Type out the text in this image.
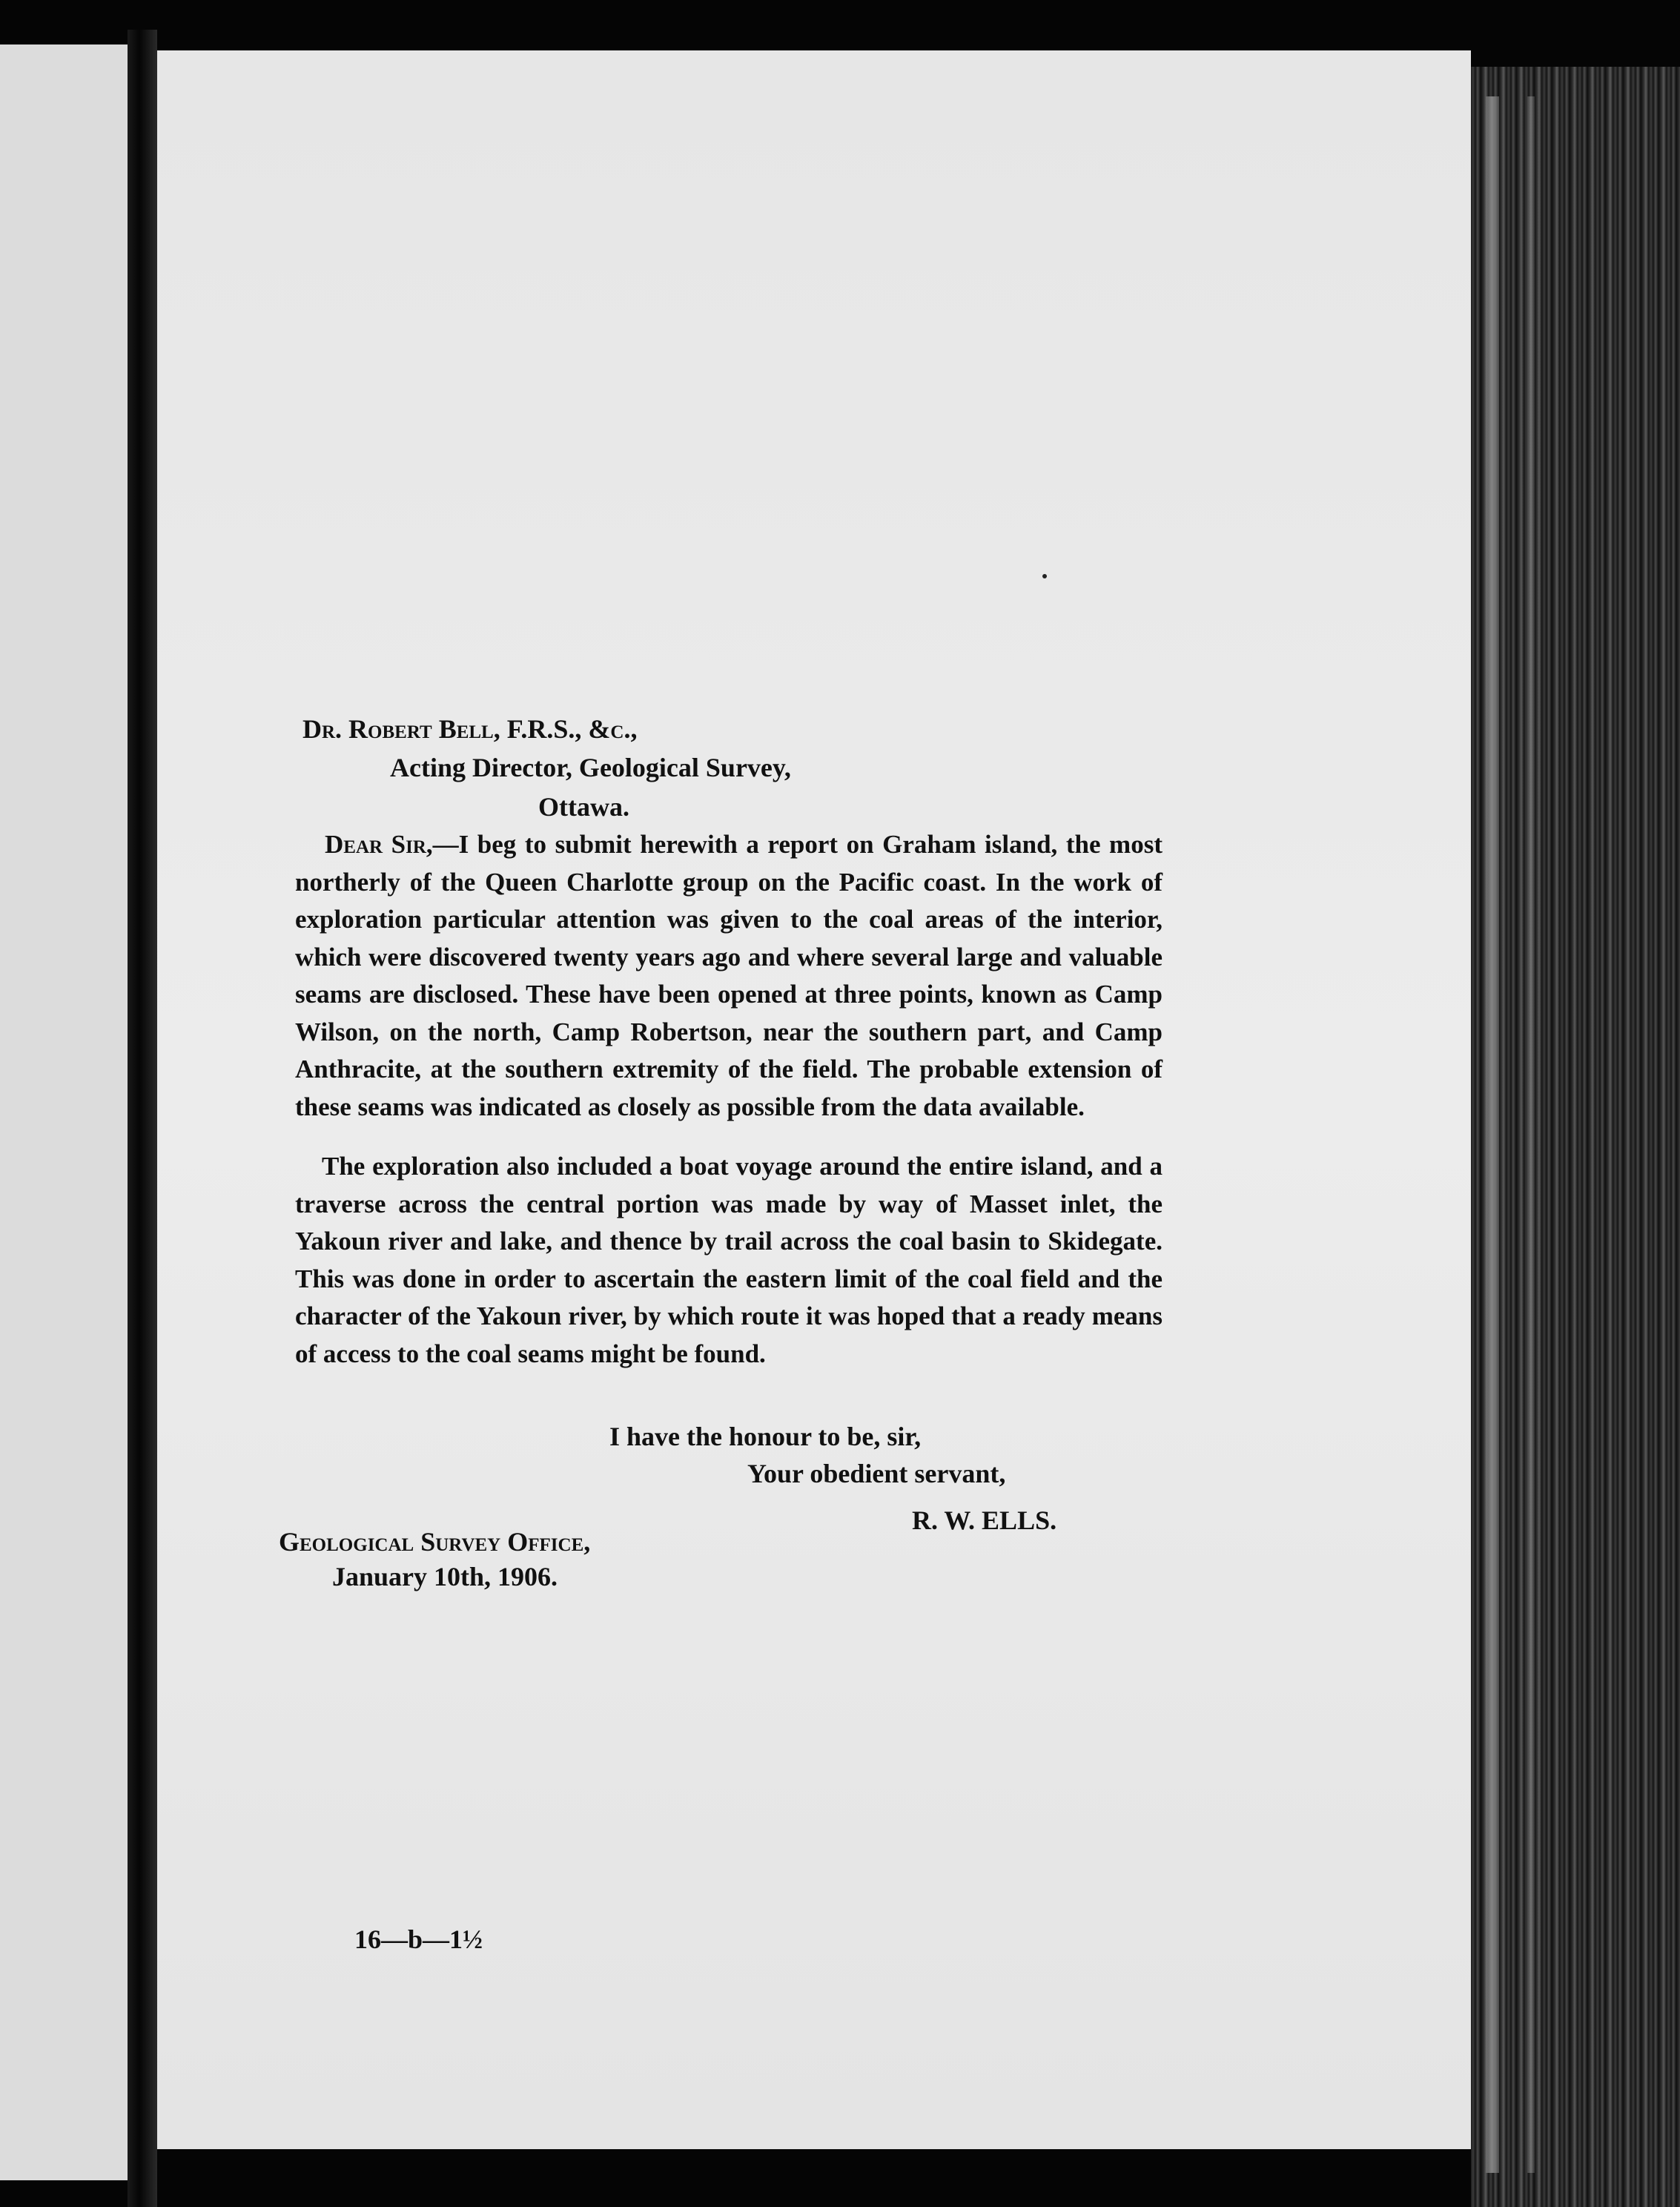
Dr. Robert Bell, F.R.S., &c.,
Acting Director, Geological Survey,
Ottawa.
Dear Sir,—I beg to submit herewith a report on Graham island, the most northerly of the Queen Charlotte group on the Pacific coast. In the work of exploration particular attention was given to the coal areas of the interior, which were discovered twenty years ago and where several large and valuable seams are disclosed. These have been opened at three points, known as Camp Wilson, on the north, Camp Robertson, near the southern part, and Camp Anthracite, at the southern extremity of the field. The probable extension of these seams was indicated as closely as possible from the data available.
The exploration also included a boat voyage around the entire island, and a traverse across the central portion was made by way of Masset inlet, the Yakoun river and lake, and thence by trail across the coal basin to Skidegate. This was done in order to ascertain the eastern limit of the coal field and the character of the Yakoun river, by which route it was hoped that a ready means of access to the coal seams might be found.
I have the honour to be, sir,
Your obedient servant,
R. W. ELLS.
Geological Survey Office,
January 10th, 1906.
16—b—1½
